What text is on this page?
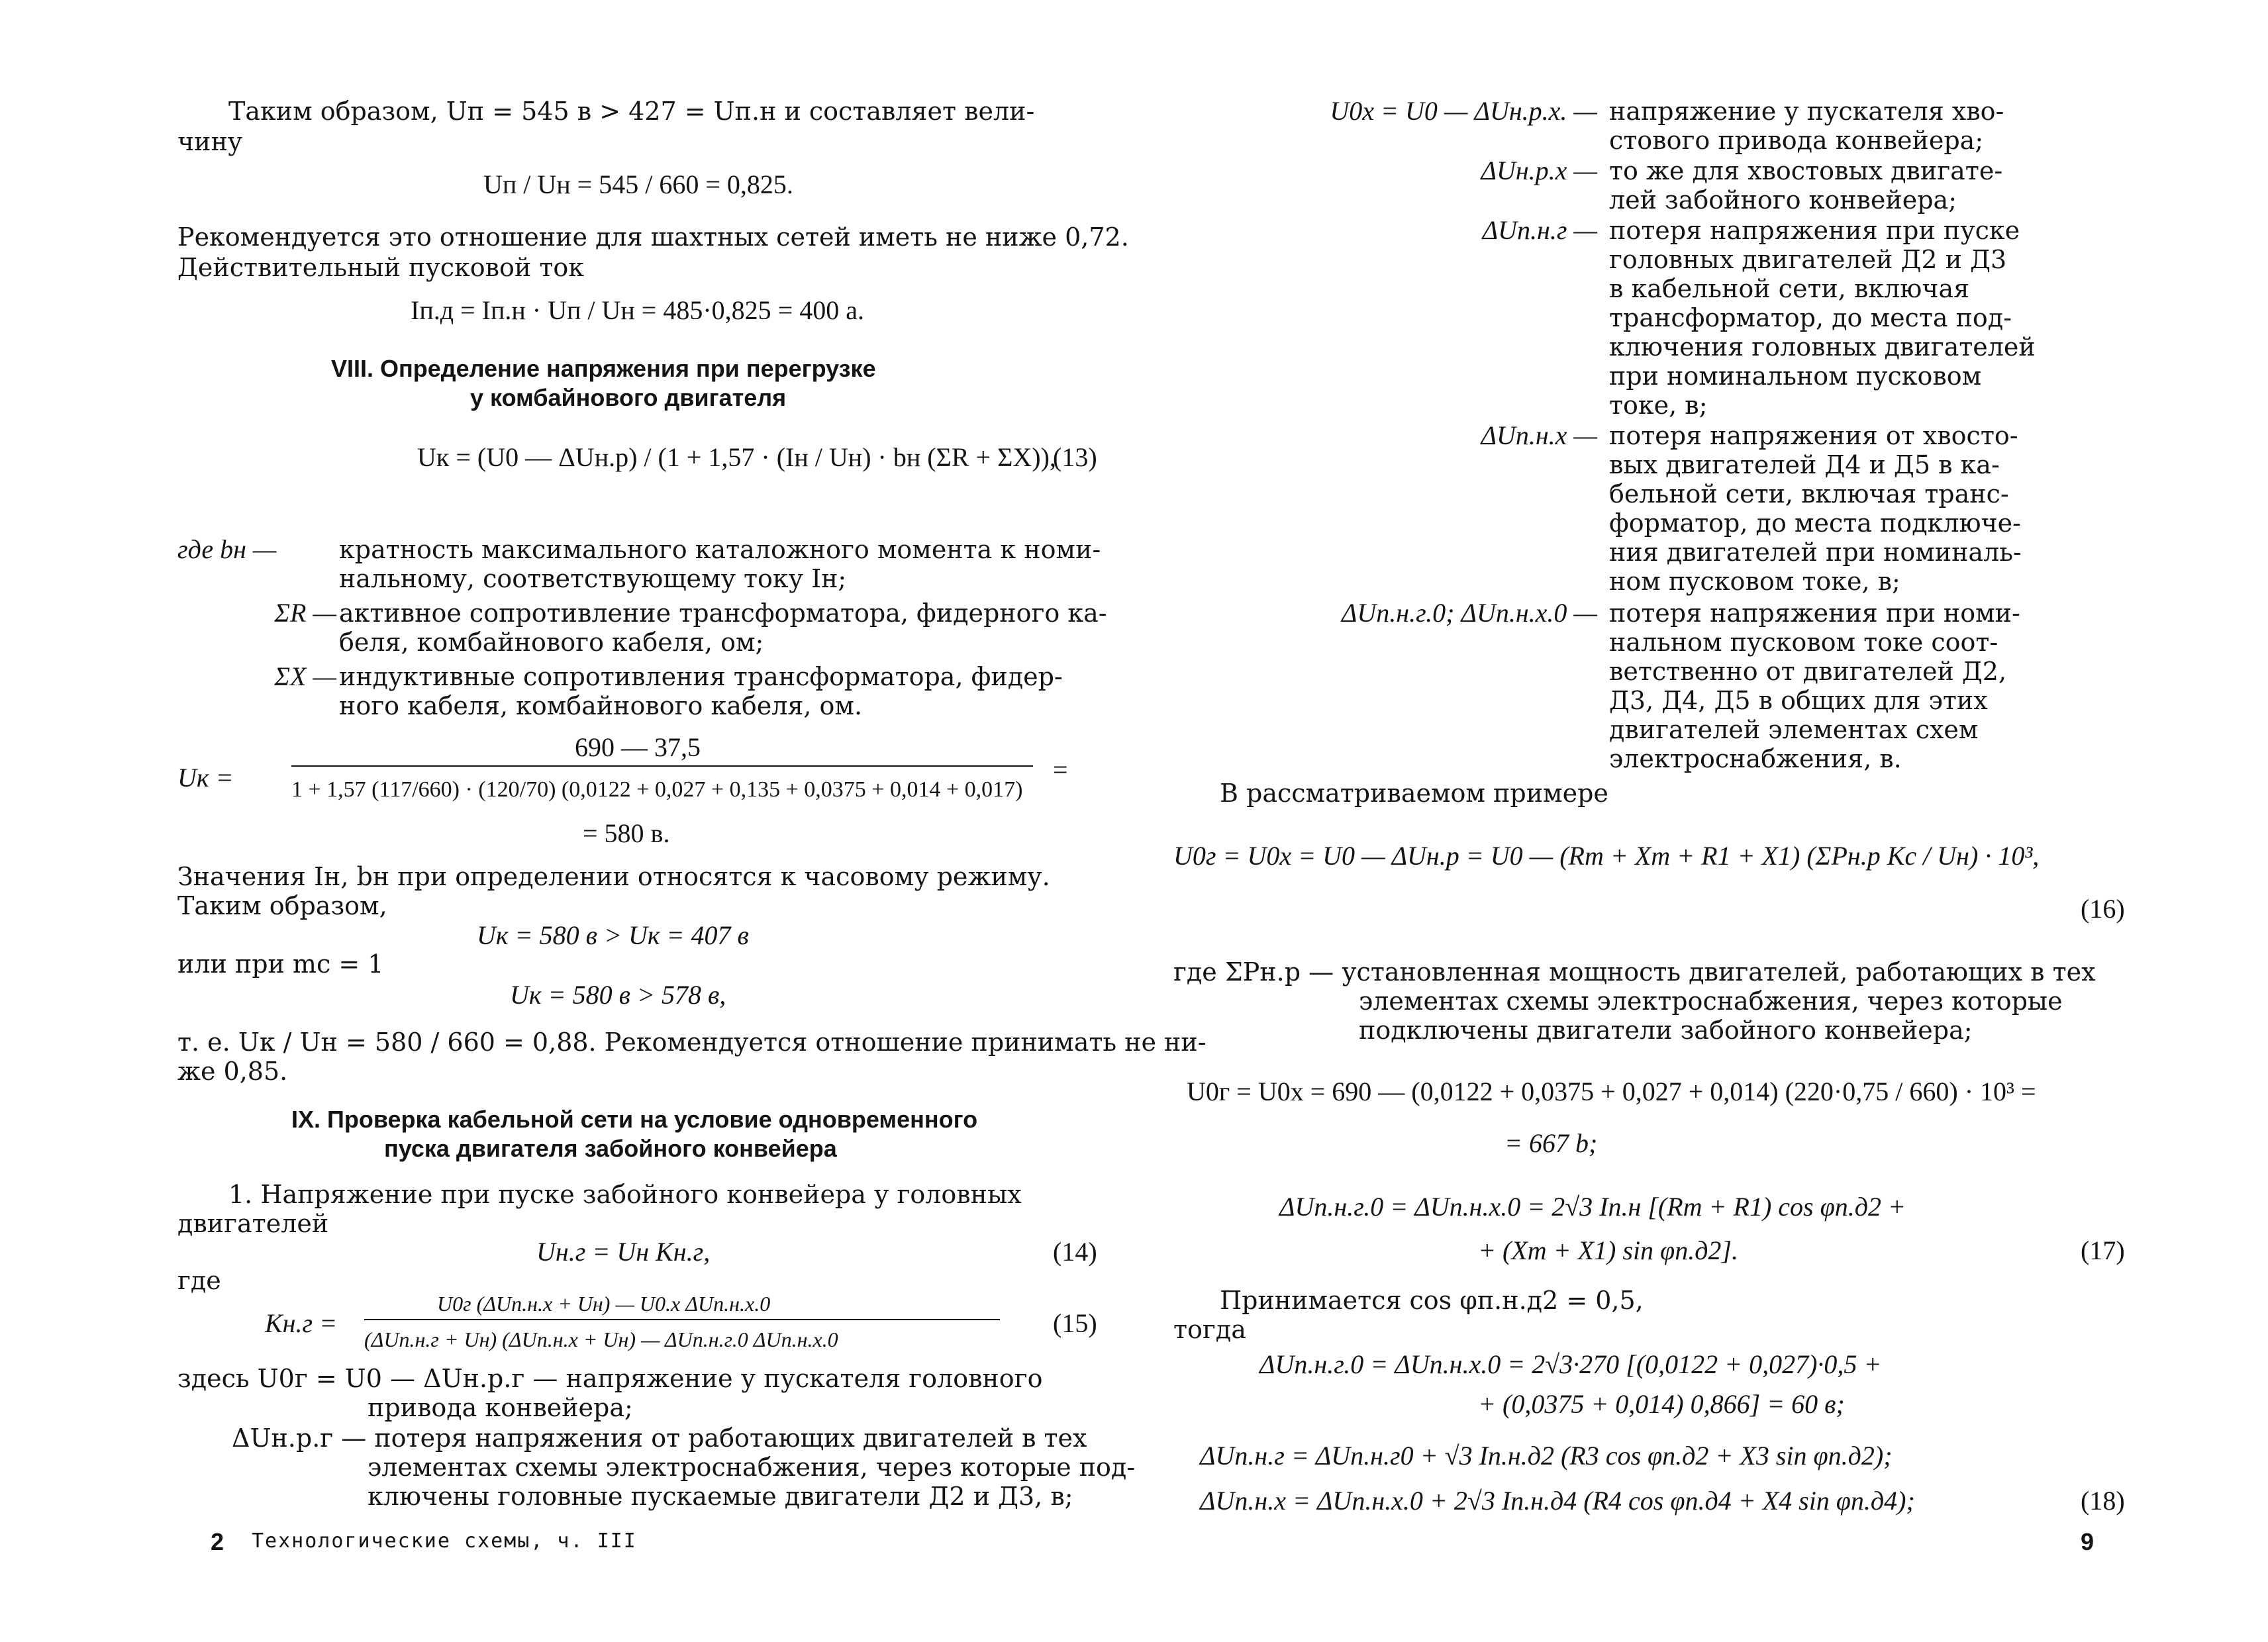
Таким образом, Uп = 545 в > 427 = Uп.н и составляет вели-
чину
Uп / Uн = 545 / 660 = 0,825.
Рекомендуется это отношение для шахтных сетей иметь не ниже 0,72.
Действительный пусковой ток
Iп.д = Iп.н · Uп / Uн = 485·0,825 = 400 а.
VIII. Определение напряжения при перегрузке
у комбайнового двигателя
Uк = (U0 — ΔUн.р) / (1 + 1,57 · (Iн / Uн) · bн (ΣR + ΣX)),
(13)
где bн —	кратность максимального каталожного момента к номи-
нальному, соответствующему току Iн;
ΣR — активное сопротивление трансформатора, фидерного ка-
беля, комбайнового кабеля, ом;
ΣX — индуктивные сопротивления трансформатора, фидер-
ного кабеля, комбайнового кабеля, ом.
690 — 37,5
Uк =	=
1 + 1,57 (117/660) · (120/70) (0,0122 + 0,027 + 0,135 + 0,0375 + 0,014 + 0,017)
= 580 в.
Значения Iн, bн при определении относятся к часовому режиму.
Таким образом,
Uк = 580 в > Uк = 407 в
или при mс = 1
Uк = 580 в > 578 в,
т. е. Uк / Uн = 580 / 660 = 0,88. Рекомендуется отношение принимать не ни-
же 0,85.
IX. Проверка кабельной сети на условие одновременного
пуска двигателя забойного конвейера
1. Напряжение при пуске забойного конвейера у головных
двигателей
Uн.г = Uн Kн.г,	(14)
где
Kн.г =
U0г (ΔUп.н.х + Uн) — U0.х ΔUп.н.х.0
(ΔUп.н.г + Uн) (ΔUп.н.х + Uн) — ΔUп.н.г.0 ΔUп.н.х.0
(15)
здесь U0г = U0 — ΔUн.р.г — напряжение у пускателя головного
привода конвейера;
ΔUн.р.г — потеря напряжения от работающих двигателей в тех
элементах схемы электроснабжения, через которые под-
ключены головные пускаемые двигатели Д2 и Д3, в;
2 Технологические схемы, ч. III
U0х = U0 — ΔUн.р.х. — напряжение у пускателя хво-
стового привода конвейера;
ΔUн.р.х — то же для хвостовых двигате-
лей забойного конвейера;
ΔUп.н.г — потеря напряжения при пуске
головных двигателей Д2 и Д3
в кабельной сети, включая
трансформатор, до места под-
ключения головных двигателей
при номинальном пусковом
токе, в;
ΔUп.н.х — потеря напряжения от хвосто-
вых двигателей Д4 и Д5 в ка-
бельной сети, включая транс-
форматор, до места подключе-
ния двигателей при номиналь-
ном пусковом токе, в;
ΔUп.н.г.0; ΔUп.н.х.0 — потеря напряжения при номи-
нальном пусковом токе соот-
ветственно от двигателей Д2,
Д3, Д4, Д5 в общих для этих
двигателей элементах схем
электроснабжения, в.
В рассматриваемом примере
U0г = U0х = U0 — ΔUн.р = U0 — (Rт + Xт + R1 + X1) (ΣPн.р Kс / Uн) · 10³,
(16)
где ΣPн.р — установленная мощность двигателей, работающих в тех
элементах схемы электроснабжения, через которые
подключены двигатели забойного конвейера;
U0г = U0х = 690 — (0,0122 + 0,0375 + 0,027 + 0,014) (220·0,75 / 660) · 10³ =
= 667 b;
ΔUп.н.г.0 = ΔUп.н.х.0 = 2√3 Iп.н [(Rт + R1) cos φп.д2 +
+ (Xт + X1) sin φп.д2].	(17)
Принимается cos φп.н.д2 = 0,5,
тогда
ΔUп.н.г.0 = ΔUп.н.х.0 = 2√3·270 [(0,0122 + 0,027)·0,5 +
+ (0,0375 + 0,014) 0,866] = 60 в;
ΔUп.н.г = ΔUп.н.г0 + √3 Iп.н.д2 (R3 cos φп.д2 + X3 sin φп.д2);
ΔUп.н.х = ΔUп.н.х.0 + 2√3 Iп.н.д4 (R4 cos φп.д4 + X4 sin φп.д4);	(18)
9
